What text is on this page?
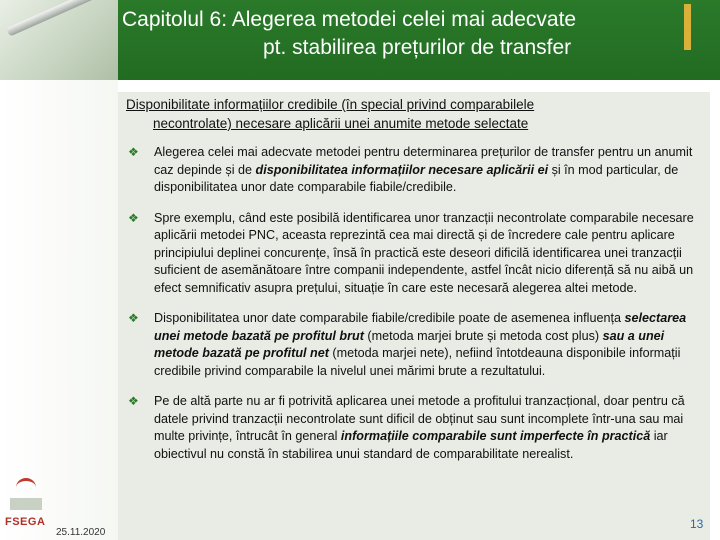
Capitolul 6: Alegerea metodei celei mai adecvate
pt. stabilirea prețurilor de transfer
Disponibilitate informațiilor credibile (în special privind comparabilele
necontrolate) necesare aplicării unei anumite metode selectate
❖ Alegerea celei mai adecvate metodei pentru determinarea prețurilor de transfer pentru un anumit caz depinde și de disponibilitatea informațiilor necesare aplicării ei și în mod particular, de disponibilitatea unor date comparabile fiabile/credibile.
❖ Spre exemplu, când este posibilă identificarea unor tranzacții necontrolate comparabile necesare aplicării metodei PNC, aceasta reprezintă cea mai directă și de încredere cale pentru aplicare principiului deplinei concurențe, însă în practică este deseori dificilă identificarea unei tranzacții suficient de asemănătoare între companii independente, astfel încât nicio diferență să nu aibă un efect semnificativ asupra prețului, situație în care este necesară alegerea altei metode.
❖ Disponibilitatea unor date comparabile fiabile/credibile poate de asemenea influența selectarea unei metode bazată pe profitul brut (metoda marjei brute și metoda cost plus) sau a unei metode bazată pe profitul net (metoda marjei nete), nefiind întotdeauna disponibile informații credibile privind comparabile la nivelul unei mărimi brute a rezultatului.
❖ Pe de altă parte nu ar fi potrivită aplicarea unei metode a profitului tranzacțional, doar pentru că datele privind tranzacții necontrolate sunt dificil de obținut sau sunt incomplete într-una sau mai multe privințe, întrucât în general informațiile comparabile sunt imperfecte în practică iar obiectivul nu constă în stabilirea unui standard de comparabilitate nerealist.
FSEGA
25.11.2020
13
